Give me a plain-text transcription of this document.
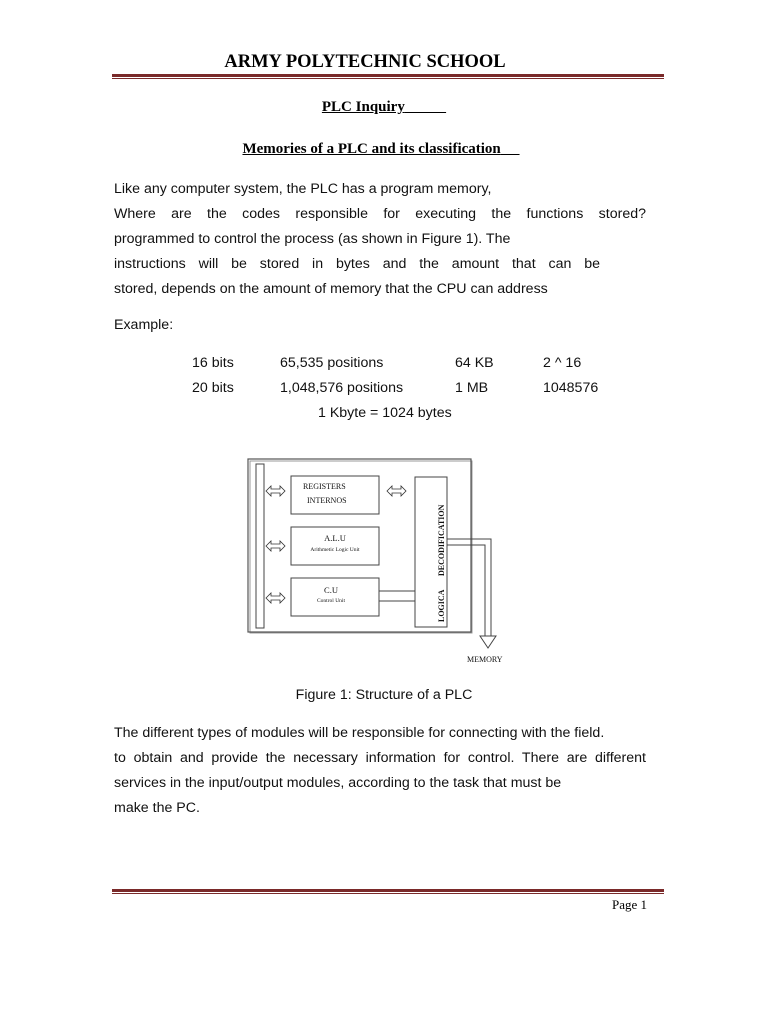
ARMY POLYTECHNIC SCHOOL
PLC Inquiry
Memories of a PLC and its classification
Like any computer system, the PLC has a program memory,
Where are the codes responsible for executing the functions stored?
programmed to control the process (as shown in Figure 1). The
instructions will be stored in bytes and the amount that can be
stored, depends on the amount of memory that the CPU can address
Example:
16 bits	65,535 positions	64 KB	2 ^ 16
20 bits	1,048,576 positions	1 MB	1048576
1 Kbyte = 1024 bytes
REGISTERS
INTERNOS
A.L.U
Arithmetic Logic Unit
C.U
Control Unit	LOGICA
DECODIFICATION
MEMORY
Figure 1: Structure of a PLC
The different types of modules will be responsible for connecting with the field.
to obtain and provide the necessary information for control. There are different
services in the input/output modules, according to the task that must be
make the PC.
Page 1
